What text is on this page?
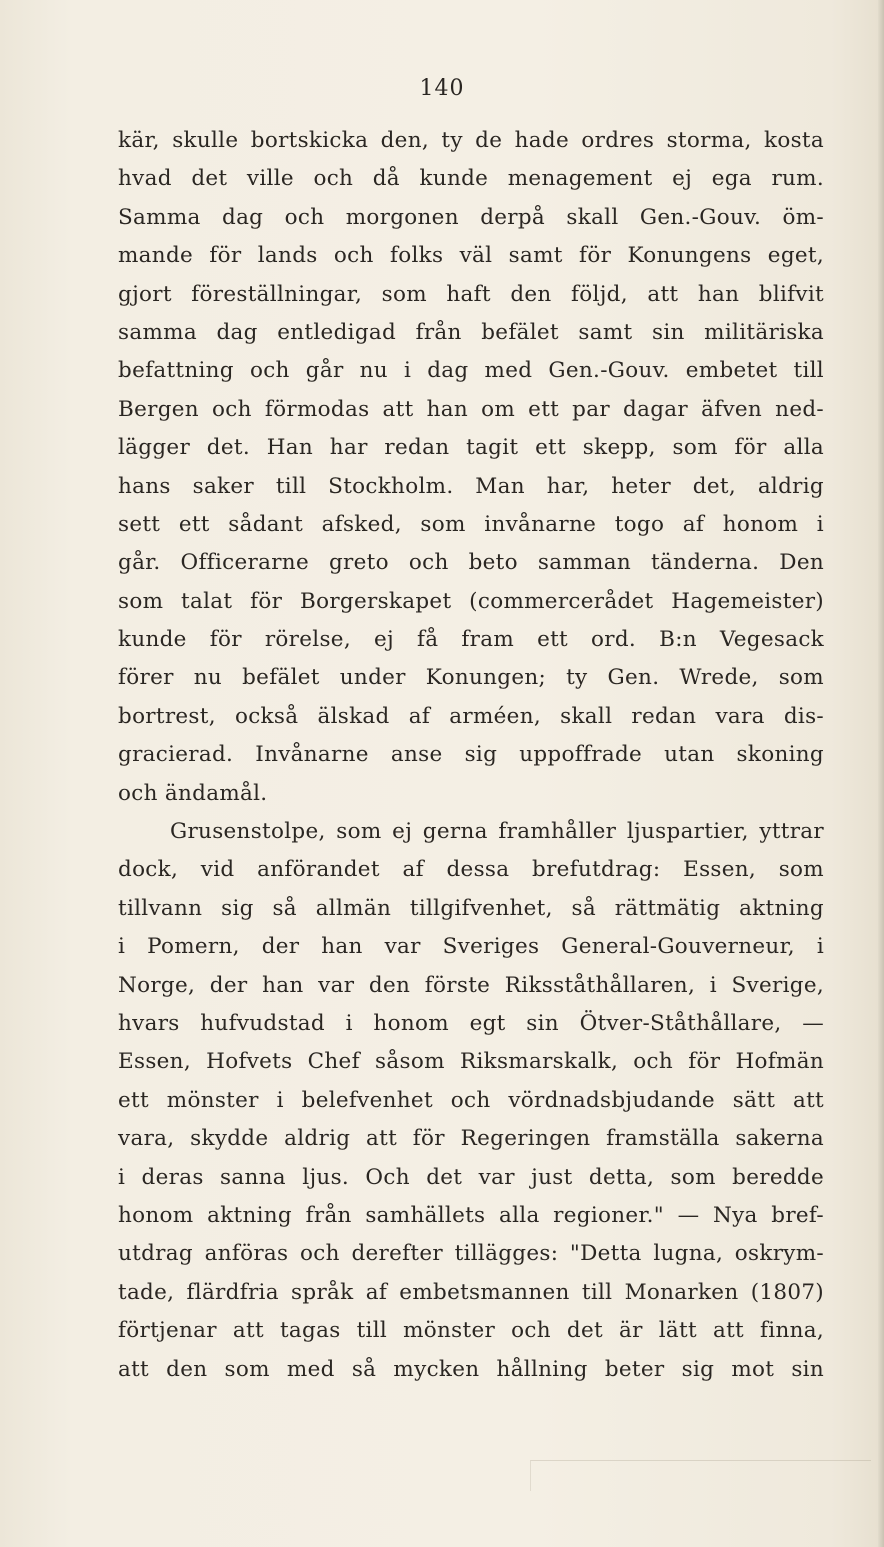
140
kär, skulle bortskicka den, ty de hade ordres storma, kosta
hvad det ville och då kunde menagement ej ega rum.
Samma dag och morgonen derpå skall Gen.-Gouv. öm-
mande för lands och folks väl samt för Konungens eget,
gjort föreställningar, som haft den följd, att han blifvit
samma dag entledigad från befälet samt sin militäriska
befattning och går nu i dag med Gen.-Gouv. embetet till
Bergen och förmodas att han om ett par dagar äfven ned-
lägger det. Han har redan tagit ett skepp, som för alla
hans saker till Stockholm. Man har, heter det, aldrig
sett ett sådant afsked, som invånarne togo af honom i
går. Officerarne greto och beto samman tänderna. Den
som talat för Borgerskapet (commercerådet Hagemeister)
kunde för rörelse, ej få fram ett ord. B:n Vegesack
förer nu befälet under Konungen; ty Gen. Wrede, som
bortrest, också älskad af arméen, skall redan vara dis-
gracierad. Invånarne anse sig uppoffrade utan skoning
och ändamål.
Grusenstolpe, som ej gerna framhåller ljuspartier, yttrar
dock, vid anförandet af dessa brefutdrag: Essen, som
tillvann sig så allmän tillgifvenhet, så rättmätig aktning
i Pomern, der han var Sveriges General-Gouverneur, i
Norge, der han var den förste Riksståthållaren, i Sverige,
hvars hufvudstad i honom egt sin Ötver-Ståthållare, —
Essen, Hofvets Chef såsom Riksmarskalk, och för Hofmän
ett mönster i belefvenhet och vördnadsbjudande sätt att
vara, skydde aldrig att för Regeringen framställa sakerna
i deras sanna ljus. Och det var just detta, som beredde
honom aktning från samhällets alla regioner." — Nya bref-
utdrag anföras och derefter tillägges: "Detta lugna, oskrym-
tade, flärdfria språk af embetsmannen till Monarken (1807)
förtjenar att tagas till mönster och det är lätt att finna,
att den som med så mycken hållning beter sig mot sin
